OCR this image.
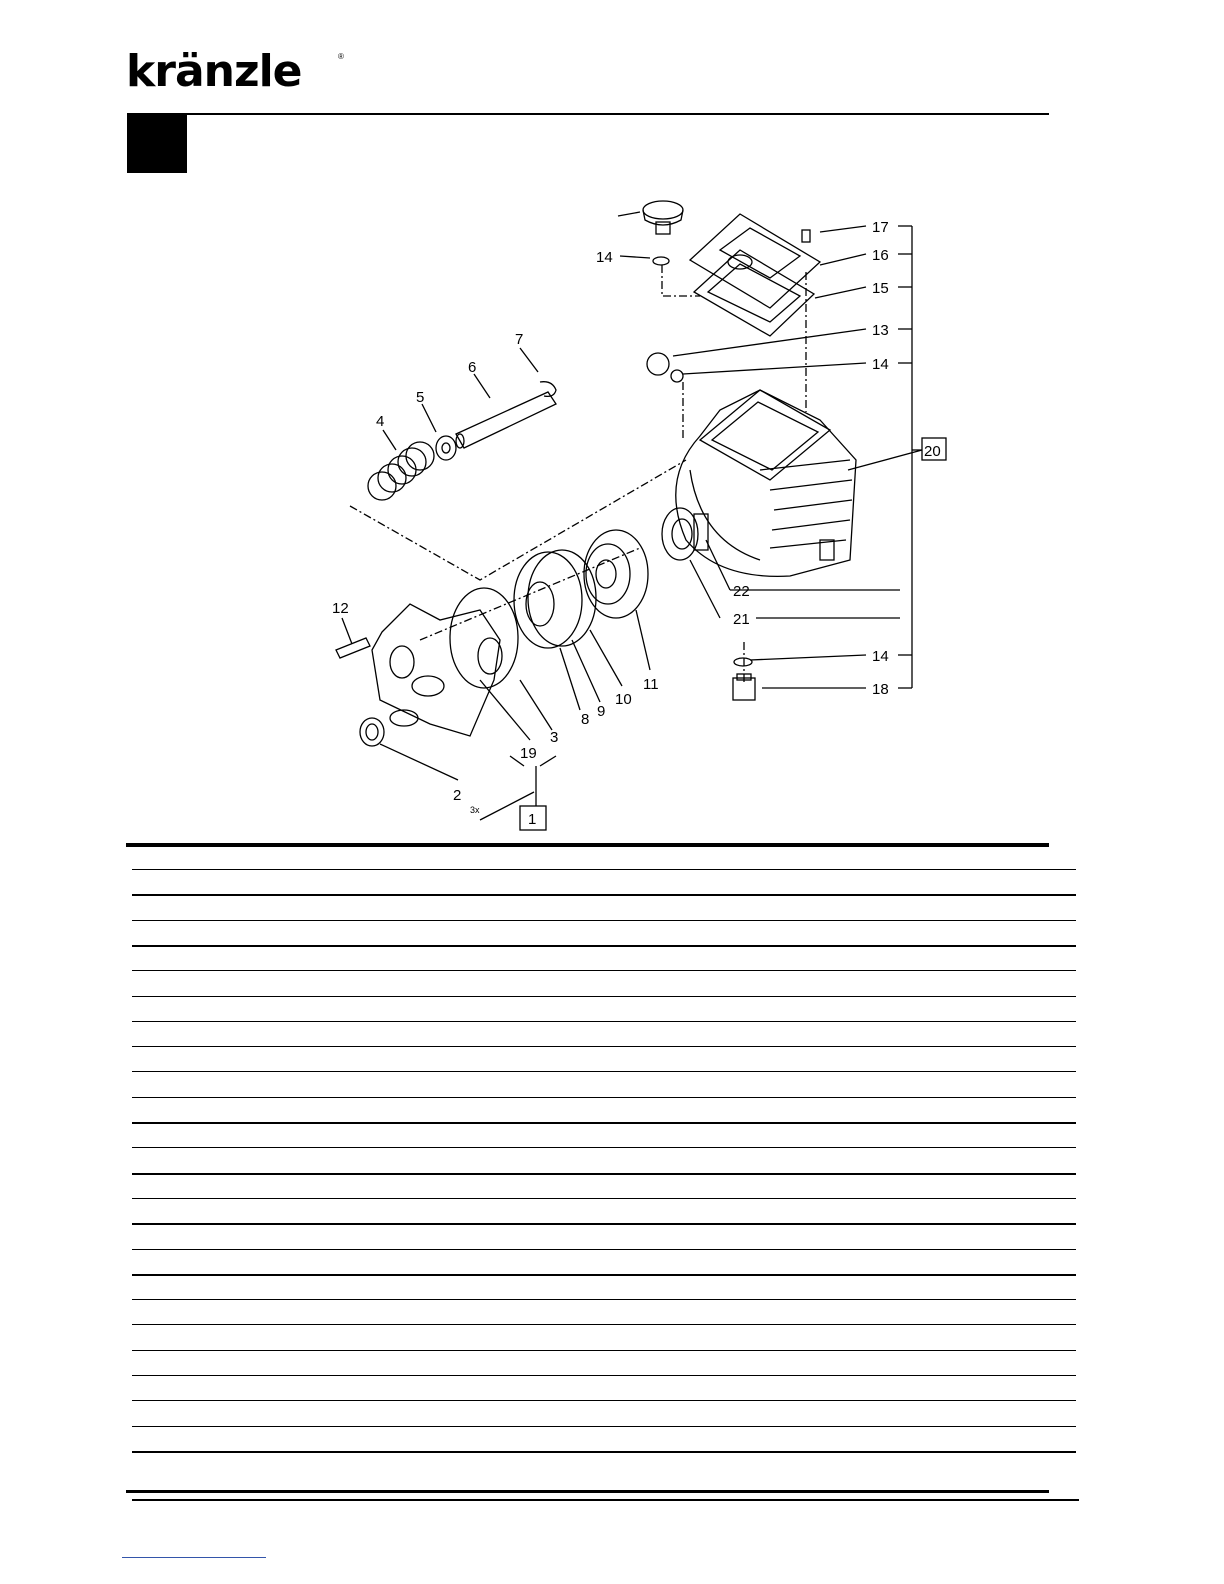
kränzle	®
17
16
15
13
14
14
14
7
6
5
4
20
22
21
12
11
10
9
8
3
19
2
1
18
3x
